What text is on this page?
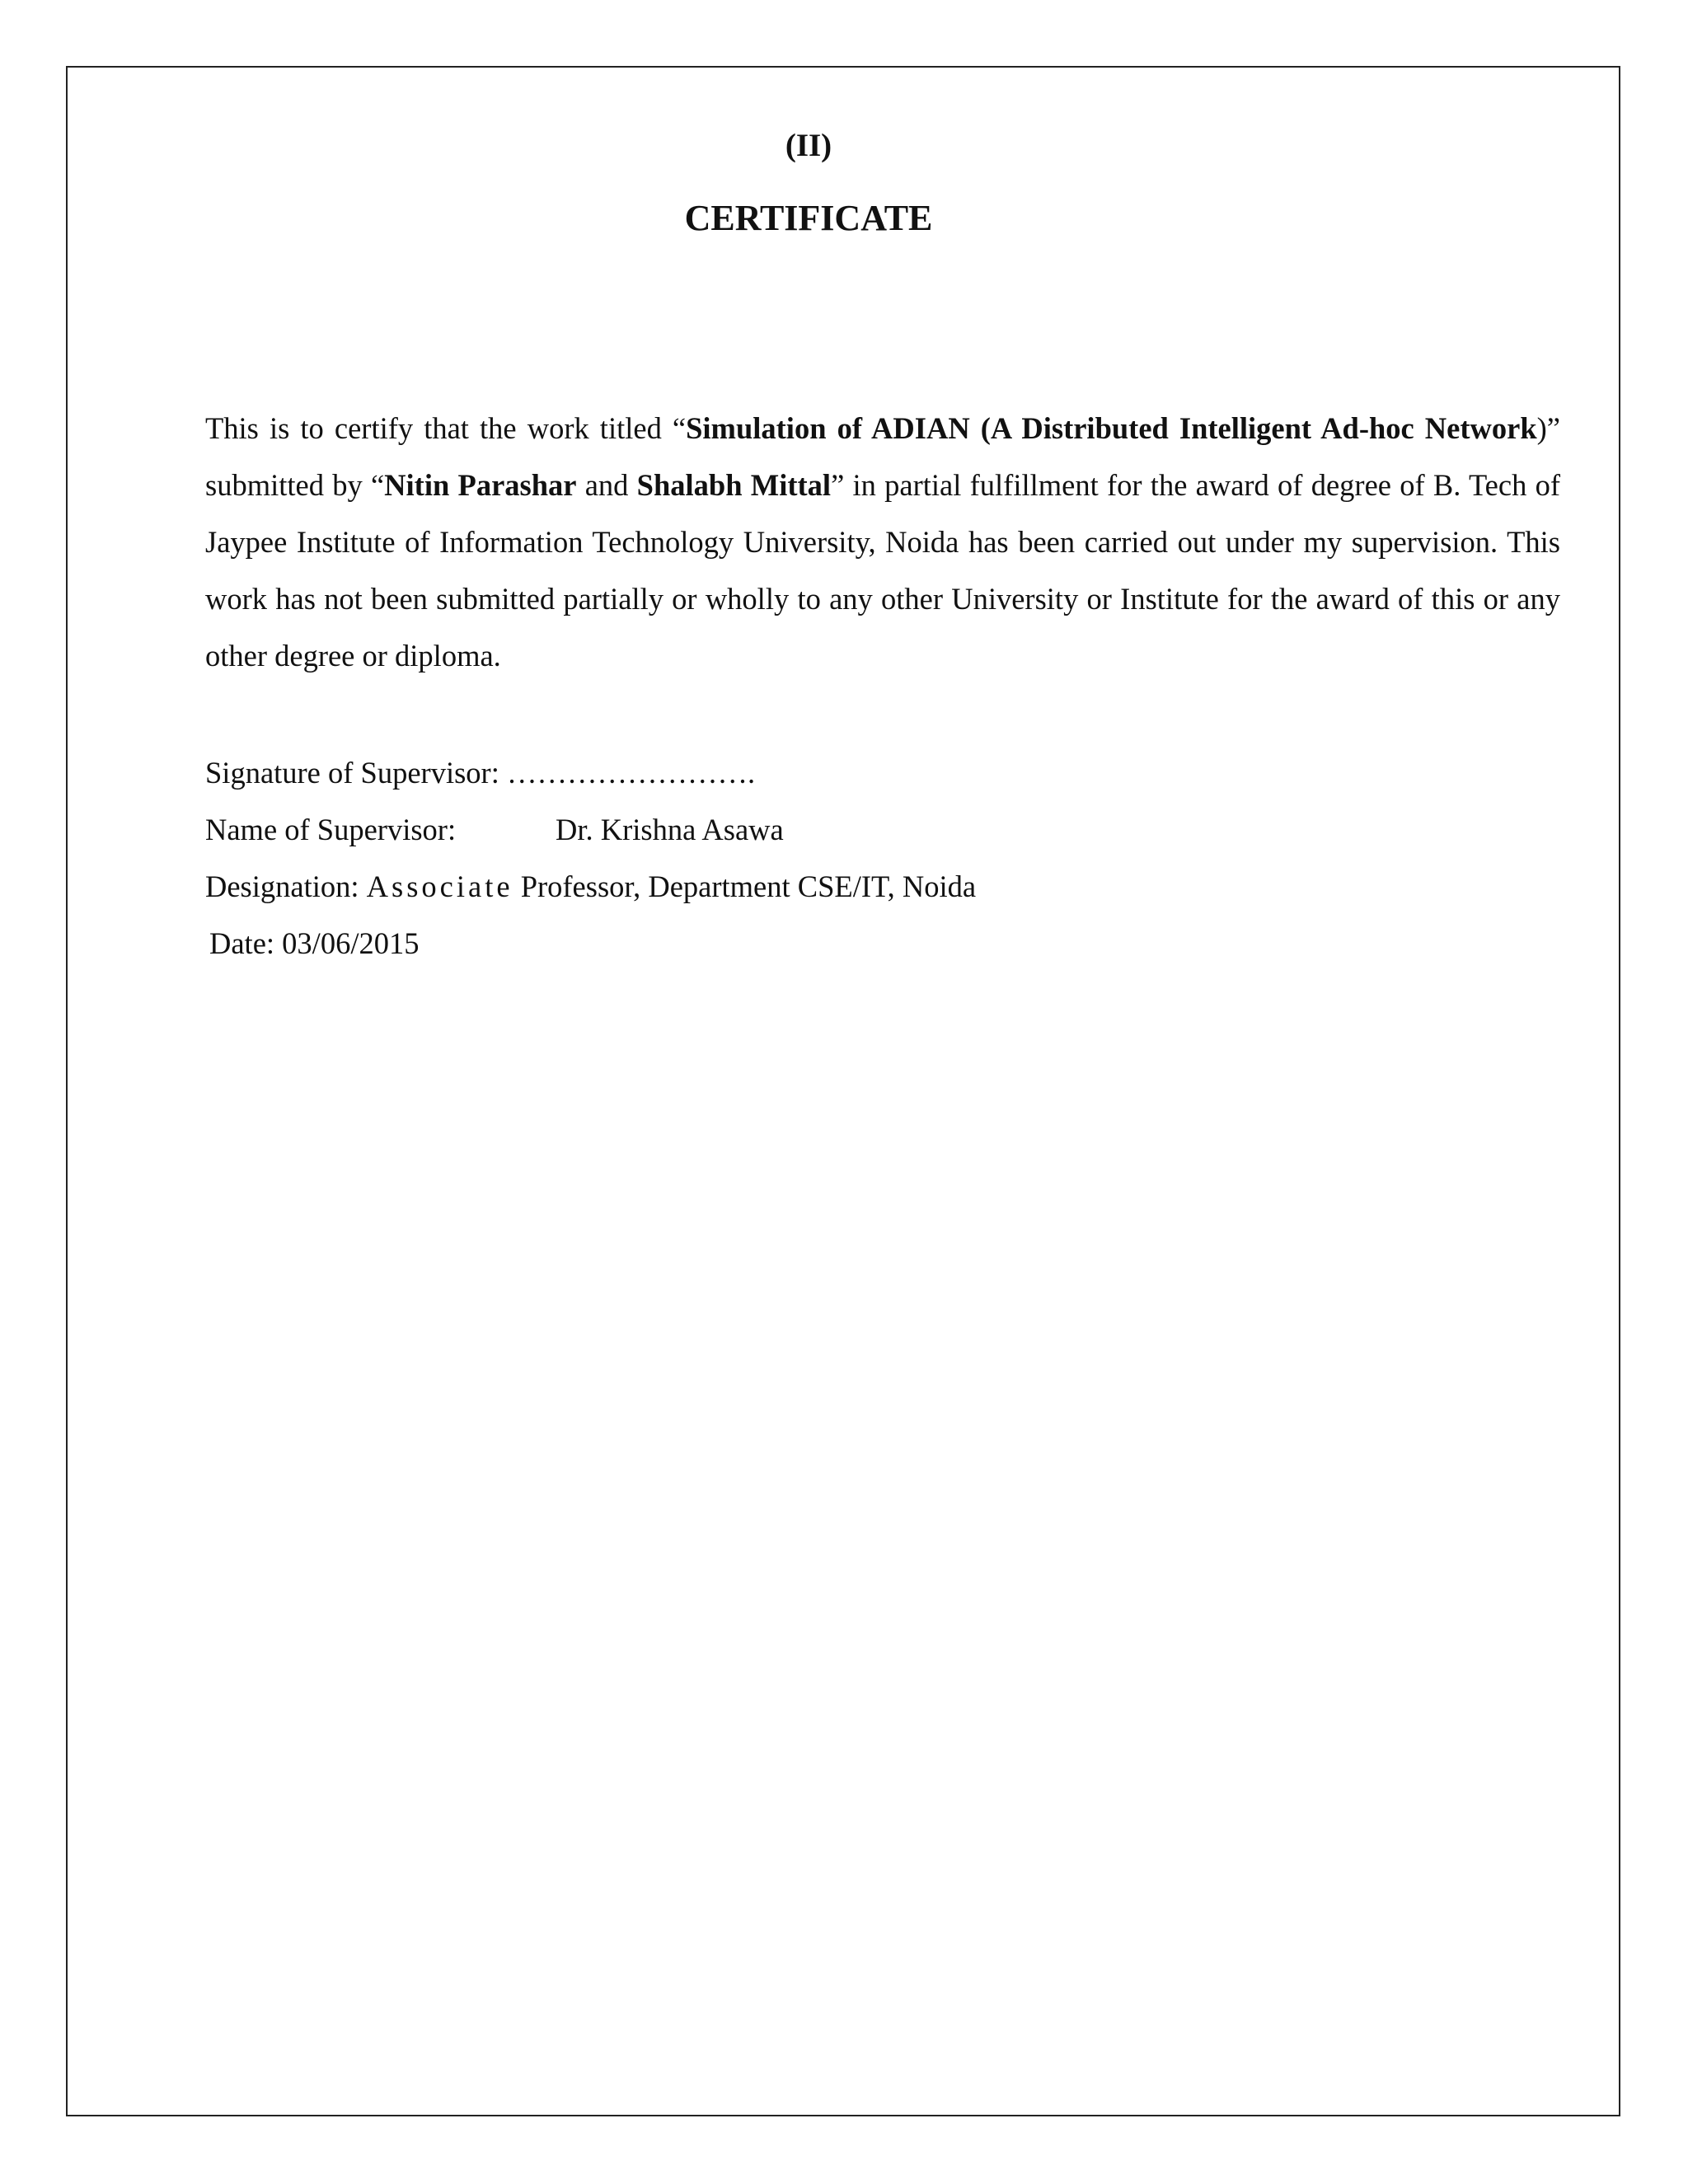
(II)
CERTIFICATE
This is to certify that the work titled “Simulation of ADIAN (A Distributed Intelligent Ad-hoc Network)” submitted by “Nitin Parashar and Shalabh Mittal” in partial fulfillment for the award of degree of B. Tech of Jaypee Institute of Information Technology University, Noida has been carried out under my supervision. This work has not been submitted partially or wholly to any other University or Institute for the award of this or any other degree or diploma.
Signature of Supervisor: …………………….
Name of Supervisor:	Dr. Krishna Asawa
Designation: Associate Professor, Department CSE/IT, Noida
Date: 03/06/2015
